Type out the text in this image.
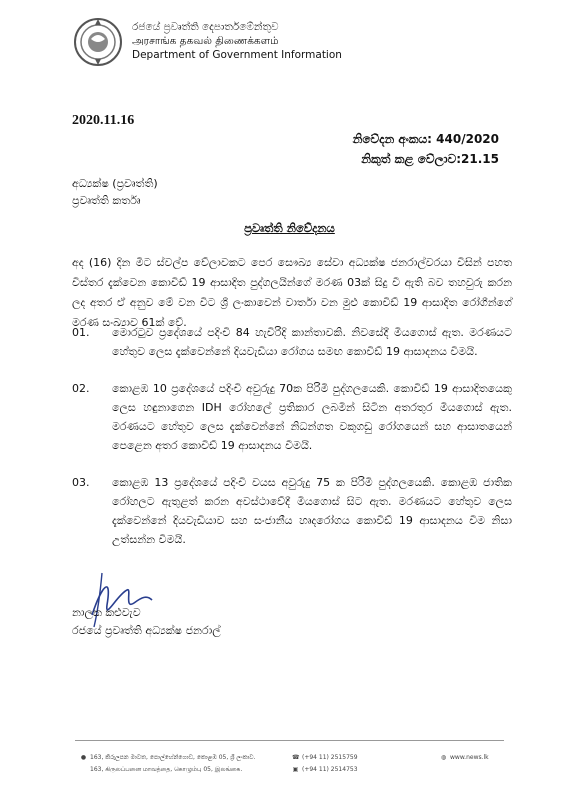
රජයේ ප්‍රවෘත්ති දෙපාර්තමේන්තුව
அரசாங்க தகவல் திணைக்களம்
Department of Government Information
2020.11.16
නිවේදන අංකය: 440/2020
නිකුත් කළ වේලාව:21.15
අධ්‍යක්ෂ (ප්‍රවෘත්ති)
ප්‍රවෘත්ති කර්තෘ
ප්‍රවෘත්ති නිවේදනය
අද (16) දින මීට ස්වල්ප වේලාවකට පෙර සෞඛ්‍ය සේවා අධ්‍යක්ෂ ජනරාල්වරයා විසින් පහත විස්තර දැක්වෙන කොවිඩ් 19 ආසාදිත පුද්ගලයින්ගේ මරණ 03ක් සිදු වී ඇති බව තහවුරු කරන ලද අතර ඒ අනුව මේ වන විට ශ්‍රී ලංකාවෙන් වාර්තා වන මුළු කොවිඩ් 19 ආසාදිත රෝගීන්ගේ මරණ සංඛ්‍යාව 61ක් වේ.
01.	මොරටුව ප්‍රදේශයේ පදිංචි 84 හැවිරිදි කාන්තාවකි. නිවසේදී මියගොස් ඇත. මරණයට හේතුව ලෙස දැක්වෙන්නේ දියවැඩියා රෝගය සමඟ කොවිඩ් 19 ආසාදනය වීමයි.
02.	කොළඹ 10 ප්‍රදේශයේ පදිංචි අවුරුදු 70ක පිරිමි පුද්ගලයෙකි. කොවිඩ් 19 ආසාදිතයෙකු ලෙස හඳුනාගෙන IDH රෝහලේ ප්‍රතිකාර ලබමින් සිටින අතරතුර මියගොස් ඇත. මරණයට හේතුව ලෙස දැක්වෙන්නේ නිධන්ගත වකුගඩු රෝගයෙන් සහ ආසාතයෙන් පෙළෙන අතර කොවිඩ් 19 ආසාදනය වීමයි.
03.	කොළඹ 13 ප්‍රදේශයේ පදිංචි වයස අවුරුදු 75 ක පිරිමි පුද්ගලයෙකි. කොළඹ ජාතික රෝහලට ඇතුළත් කරන අවස්ථාවේදී මියගොස් සිට ඇත. මරණයට හේතුව ලෙස දැක්වෙන්නේ දියවැඩියාව සහ සංජානීය හෘදරෝගය කොවිඩ් 19 ආසාදනය වීම නිසා උත්සන්න වීමයි.
නාලක කළුවැව
රජයේ ප්‍රවෘත්ති අධ්‍යක්ෂ ජනරාල්
● 163, කිරුලපන මාවත, පොල්හේන්ගොඩ, කොළඹ 05, ශ්‍රී ලංකාව.
163, கிருலப்பனை மாவத்தை, கொழும்பு 05, இலங்கை.
☎ (+94 11) 2515759
▣ (+94 11) 2514753
◍ www.news.lk
